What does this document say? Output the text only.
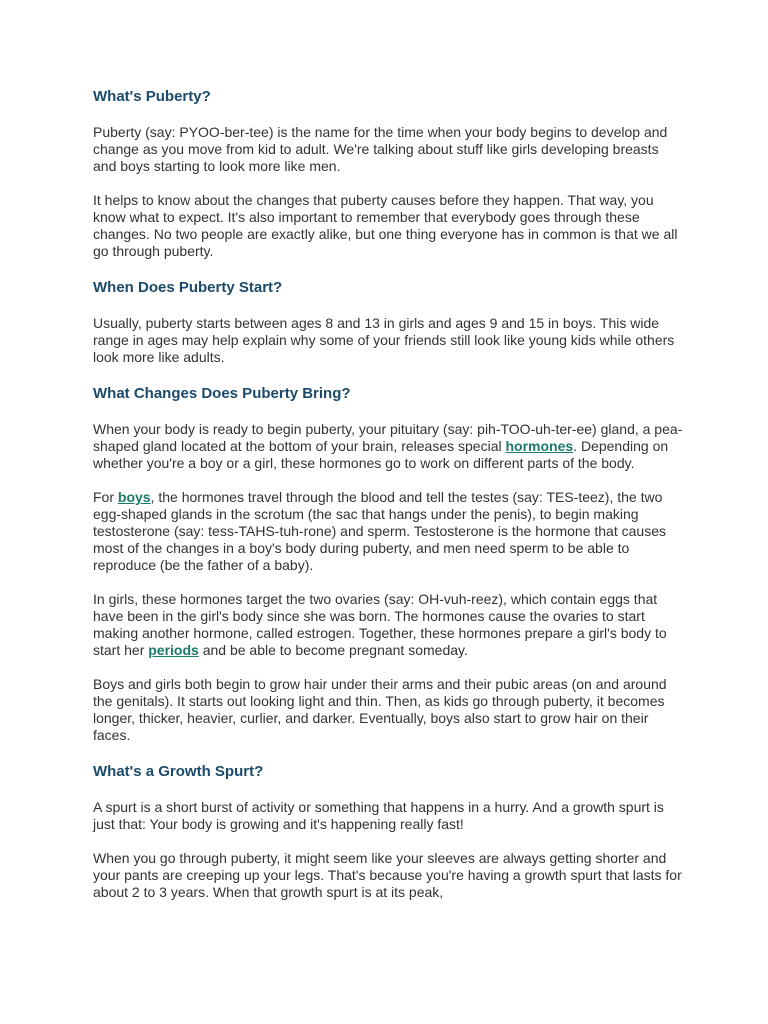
What's Puberty?

Puberty (say: PYOO-ber-tee) is the name for the time when your body begins to develop and change as you move from kid to adult. We're talking about stuff like girls developing breasts and boys starting to look more like men.

It helps to know about the changes that puberty causes before they happen. That way, you know what to expect. It's also important to remember that everybody goes through these changes. No two people are exactly alike, but one thing everyone has in common is that we all go through puberty.

When Does Puberty Start?

Usually, puberty starts between ages 8 and 13 in girls and ages 9 and 15 in boys. This wide range in ages may help explain why some of your friends still look like young kids while others look more like adults.

What Changes Does Puberty Bring?

When your body is ready to begin puberty, your pituitary (say: pih-TOO-uh-ter-ee) gland, a pea-shaped gland located at the bottom of your brain, releases special hormones. Depending on whether you're a boy or a girl, these hormones go to work on different parts of the body.

For boys, the hormones travel through the blood and tell the testes (say: TES-teez), the two egg-shaped glands in the scrotum (the sac that hangs under the penis), to begin making testosterone (say: tess-TAHS-tuh-rone) and sperm. Testosterone is the hormone that causes most of the changes in a boy's body during puberty, and men need sperm to be able to reproduce (be the father of a baby).

In girls, these hormones target the two ovaries (say: OH-vuh-reez), which contain eggs that have been in the girl's body since she was born. The hormones cause the ovaries to start making another hormone, called estrogen. Together, these hormones prepare a girl's body to start her periods and be able to become pregnant someday.

Boys and girls both begin to grow hair under their arms and their pubic areas (on and around the genitals). It starts out looking light and thin. Then, as kids go through puberty, it becomes longer, thicker, heavier, curlier, and darker. Eventually, boys also start to grow hair on their faces.

What's a Growth Spurt?

A spurt is a short burst of activity or something that happens in a hurry. And a growth spurt is just that: Your body is growing and it's happening really fast!

When you go through puberty, it might seem like your sleeves are always getting shorter and your pants are creeping up your legs. That's because you're having a growth spurt that lasts for about 2 to 3 years. When that growth spurt is at its peak,
